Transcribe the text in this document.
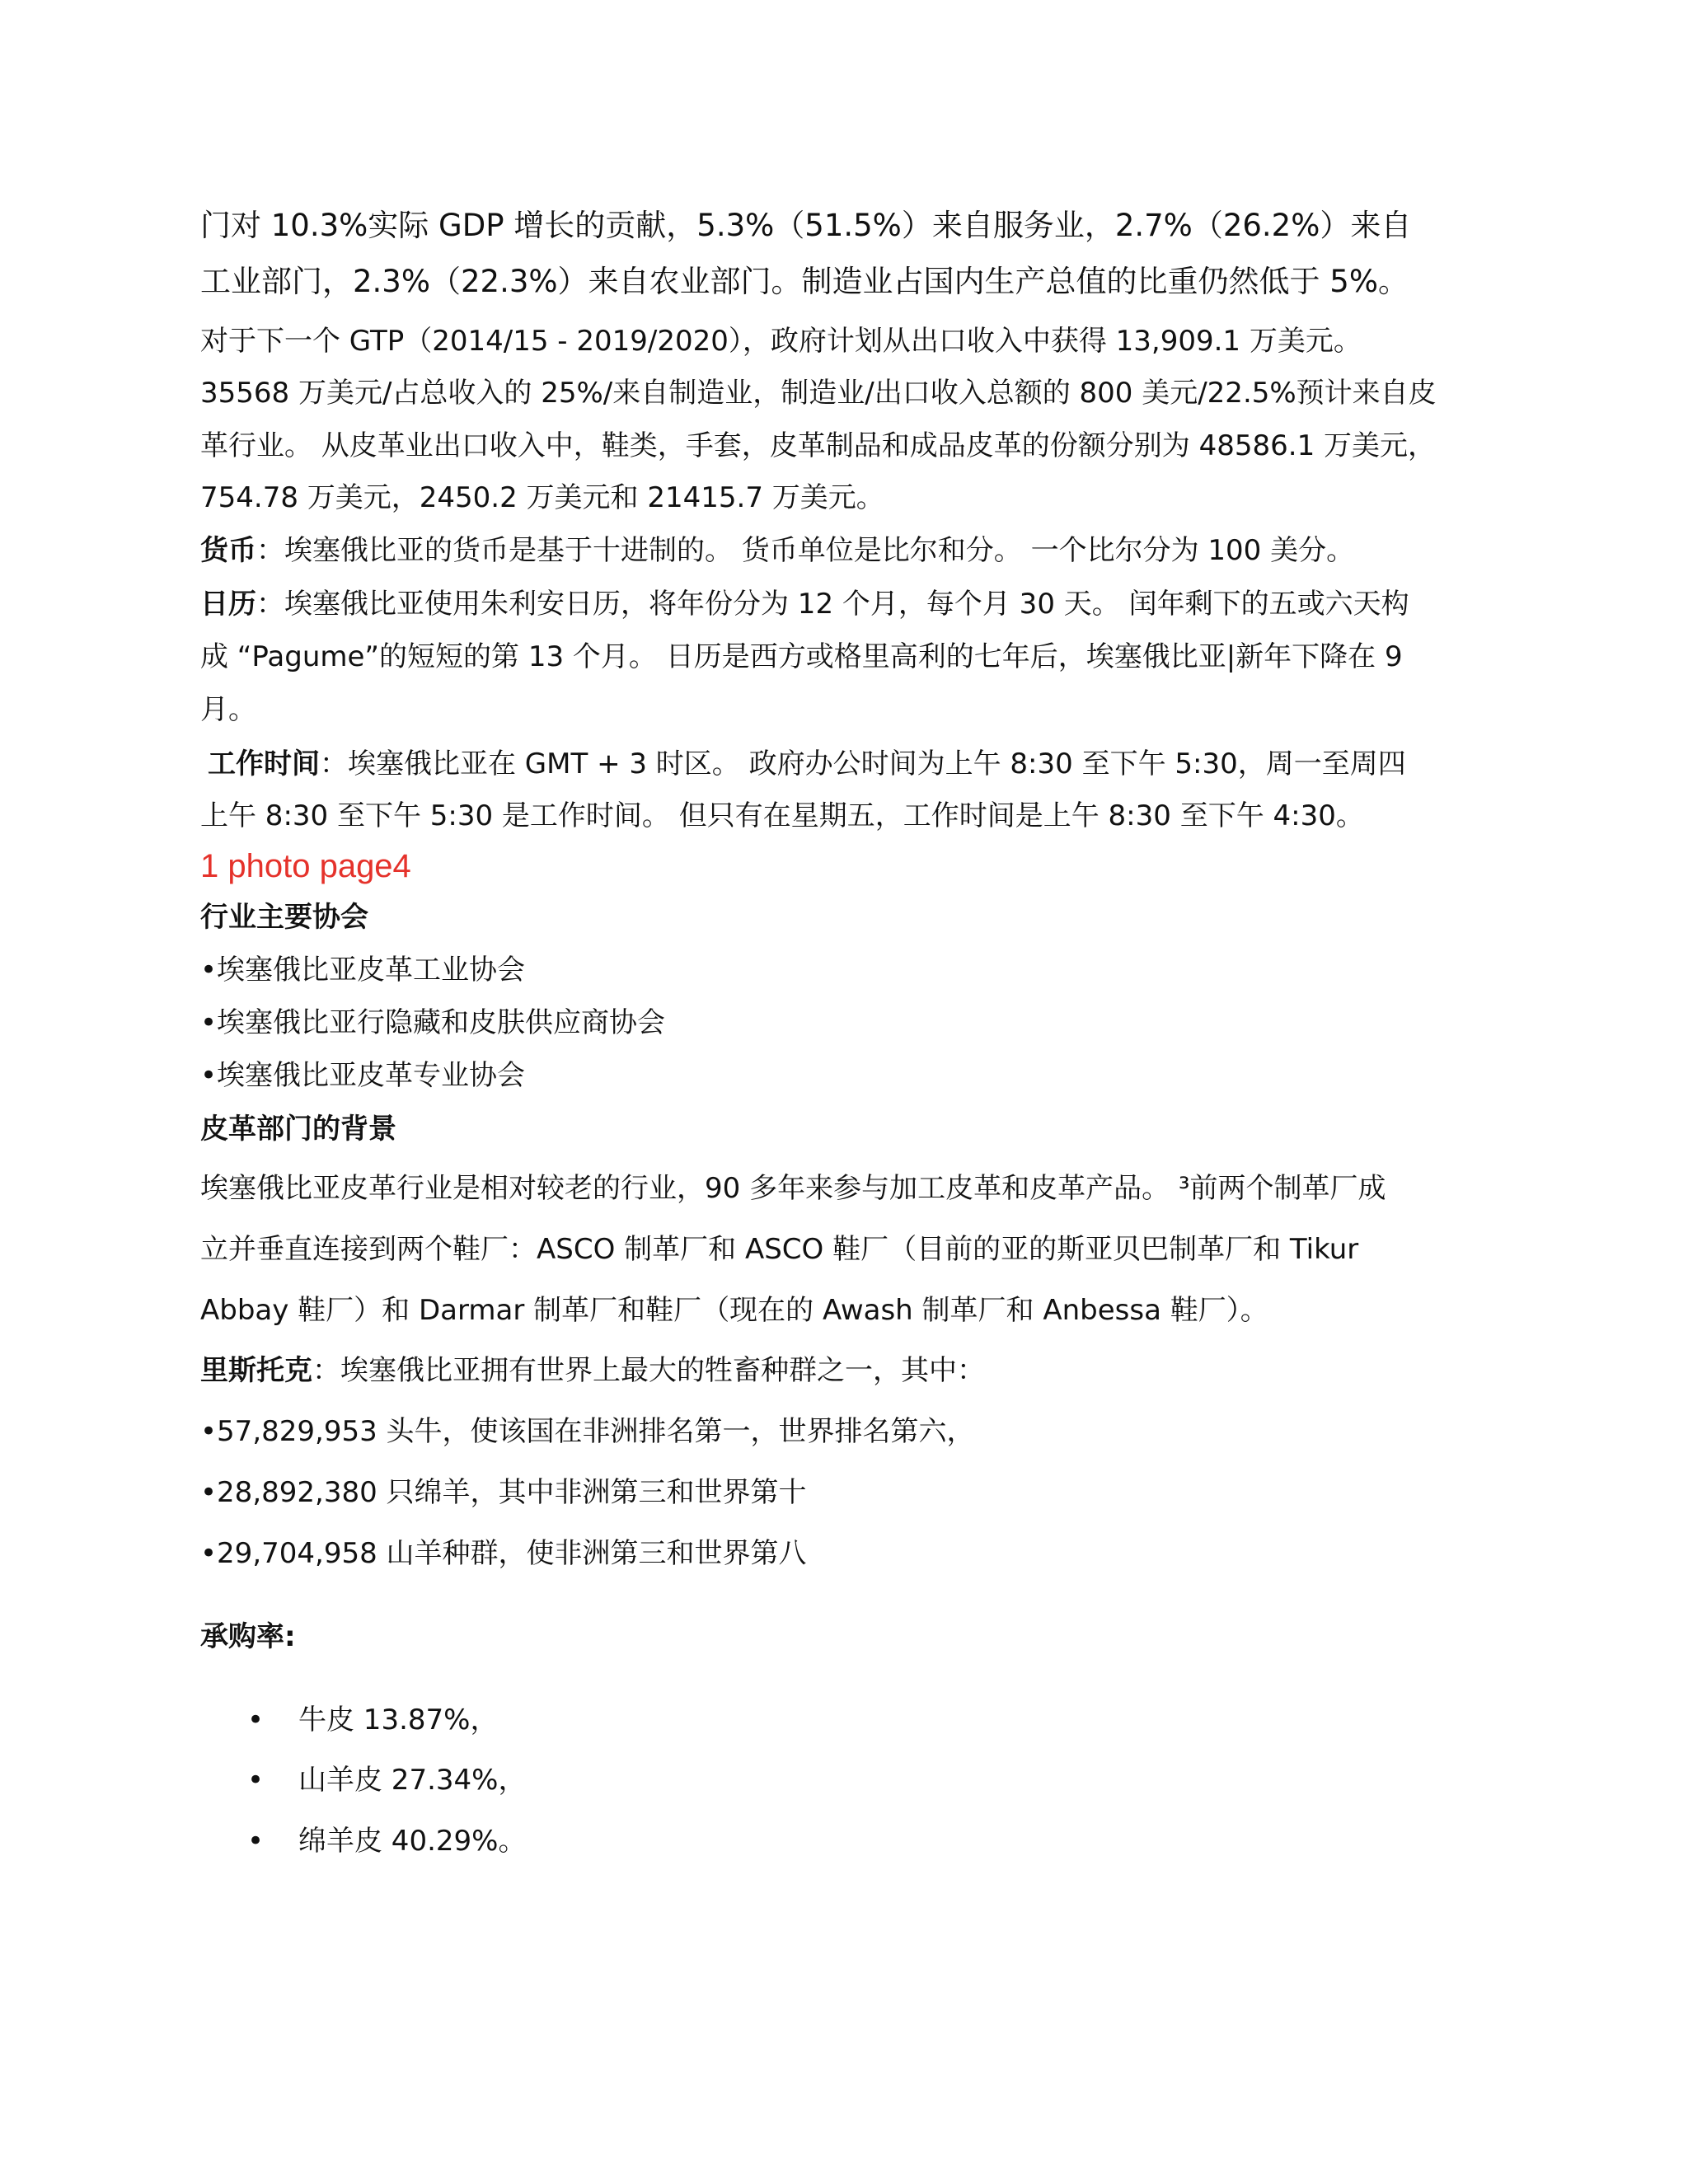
门对 10.3%实际 GDP 增长的贡献，5.3%（51.5%）来自服务业，2.7%（26.2%）来自
工业部门，2.3%（22.3%）来自农业部门。制造业占国内生产总值的比重仍然低于 5%。
对于下一个 GTP（2014/15 - 2019/2020），政府计划从出口收入中获得 13,909.1 万美元。
35568 万美元/占总收入的 25%/来自制造业，制造业/出口收入总额的 800 美元/22.5%预计来自皮
革行业。 从皮革业出口收入中，鞋类，手套，皮革制品和成品皮革的份额分别为 48586.1 万美元，
754.78 万美元，2450.2 万美元和 21415.7 万美元。
货币：埃塞俄比亚的货币是基于十进制的。 货币单位是比尔和分。 一个比尔分为 100 美分。
日历：埃塞俄比亚使用朱利安日历，将年份分为 12 个月，每个月 30 天。 闰年剩下的五或六天构
成 “Pagume”的短短的第 13 个月。 日历是西方或格里高利的七年后，埃塞俄比亚|新年下降在 9
月。
工作时间：埃塞俄比亚在 GMT + 3 时区。 政府办公时间为上午 8:30 至下午 5:30，周一至周四
上午 8:30 至下午 5:30 是工作时间。 但只有在星期五，工作时间是上午 8:30 至下午 4:30。
1 photo page4
行业主要协会
•埃塞俄比亚皮革工业协会
•埃塞俄比亚行隐藏和皮肤供应商协会
•埃塞俄比亚皮革专业协会
皮革部门的背景
埃塞俄比亚皮革行业是相对较老的行业，90 多年来参与加工皮革和皮革产品。 ³前两个制革厂成
立并垂直连接到两个鞋厂：ASCO 制革厂和 ASCO 鞋厂（目前的亚的斯亚贝巴制革厂和 Tikur
Abbay 鞋厂）和 Darmar 制革厂和鞋厂（现在的 Awash 制革厂和 Anbessa 鞋厂）。
里斯托克：埃塞俄比亚拥有世界上最大的牲畜种群之一，其中：
•57,829,953 头牛，使该国在非洲排名第一，世界排名第六，
•28,892,380 只绵羊，其中非洲第三和世界第十
•29,704,958 山羊种群，使非洲第三和世界第八
承购率:
• 牛皮 13.87%，
• 山羊皮 27.34%，
• 绵羊皮 40.29%。
